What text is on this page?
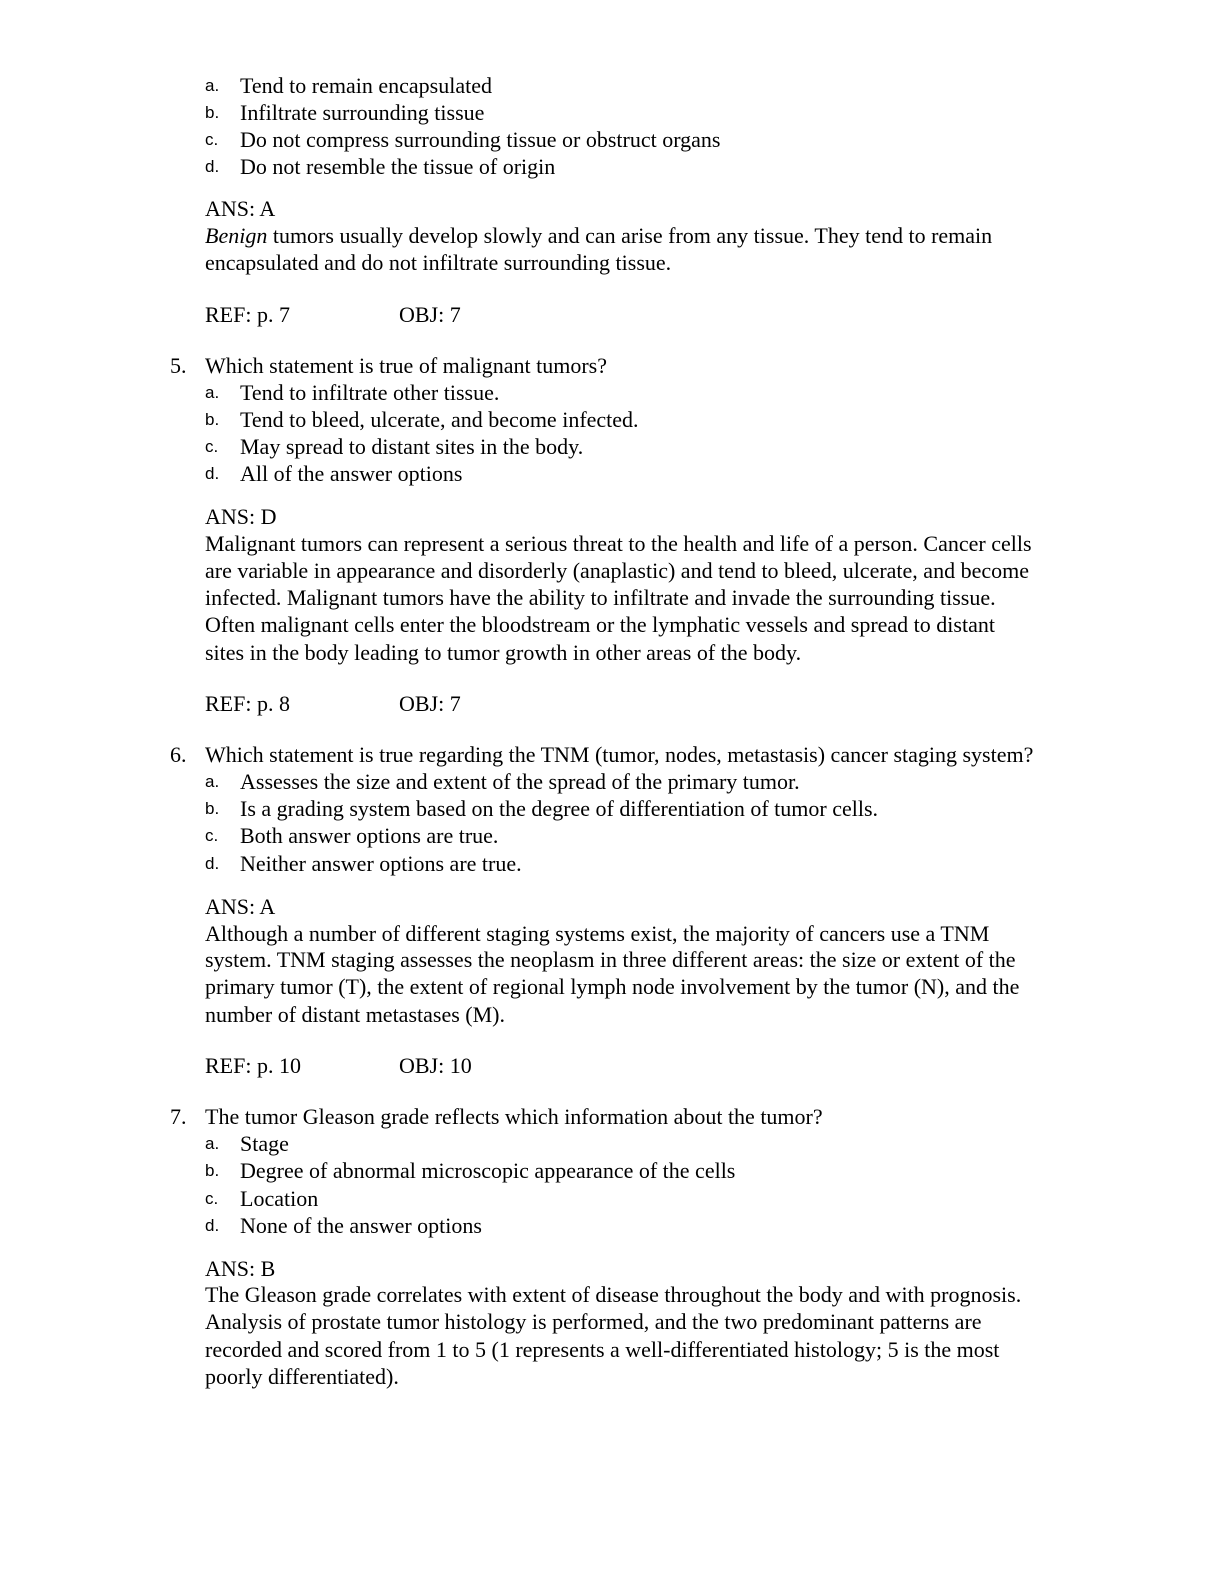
a. Tend to remain encapsulated
b. Infiltrate surrounding tissue
c. Do not compress surrounding tissue or obstruct organs
d. Do not resemble the tissue of origin
ANS: A
Benign tumors usually develop slowly and can arise from any tissue. They tend to remain
encapsulated and do not infiltrate surrounding tissue.
REF: p. 7	OBJ: 7
5. Which statement is true of malignant tumors?
a. Tend to infiltrate other tissue.
b. Tend to bleed, ulcerate, and become infected.
c. May spread to distant sites in the body.
d. All of the answer options
ANS: D
Malignant tumors can represent a serious threat to the health and life of a person. Cancer cells
are variable in appearance and disorderly (anaplastic) and tend to bleed, ulcerate, and become
infected. Malignant tumors have the ability to infiltrate and invade the surrounding tissue.
Often malignant cells enter the bloodstream or the lymphatic vessels and spread to distant
sites in the body leading to tumor growth in other areas of the body.
REF: p. 8	OBJ: 7
6. Which statement is true regarding the TNM (tumor, nodes, metastasis) cancer staging system?
a. Assesses the size and extent of the spread of the primary tumor.
b. Is a grading system based on the degree of differentiation of tumor cells.
c. Both answer options are true.
d. Neither answer options are true.
ANS: A
Although a number of different staging systems exist, the majority of cancers use a TNM
system. TNM staging assesses the neoplasm in three different areas: the size or extent of the
primary tumor (T), the extent of regional lymph node involvement by the tumor (N), and the
number of distant metastases (M).
REF: p. 10	OBJ: 10
7. The tumor Gleason grade reflects which information about the tumor?
a. Stage
b. Degree of abnormal microscopic appearance of the cells
c. Location
d. None of the answer options
ANS: B
The Gleason grade correlates with extent of disease throughout the body and with prognosis.
Analysis of prostate tumor histology is performed, and the two predominant patterns are
recorded and scored from 1 to 5 (1 represents a well-differentiated histology; 5 is the most
poorly differentiated).
